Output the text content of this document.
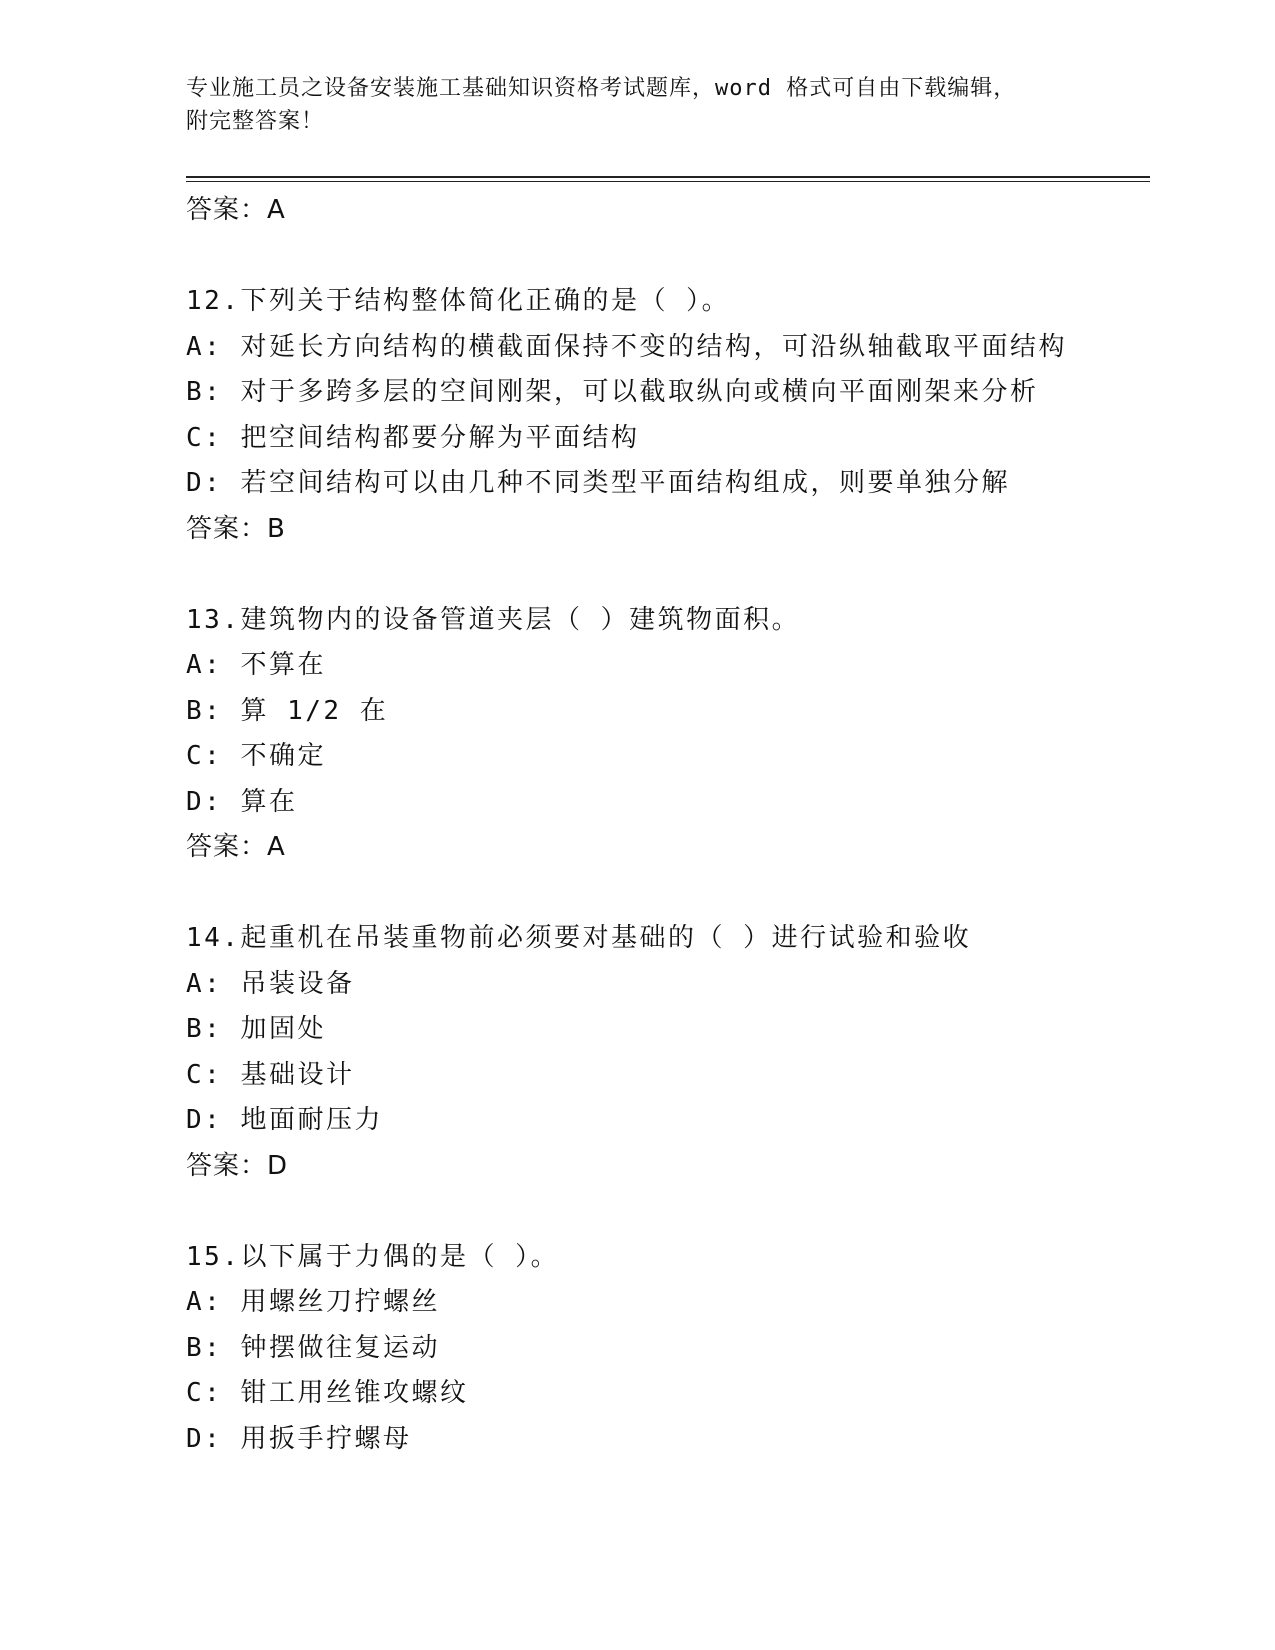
专业施工员之设备安装施工基础知识资格考试题库，word 格式可自由下载编辑，
附完整答案！
答案：A
12.下列关于结构整体简化正确的是（ ）。
A: 对延长方向结构的横截面保持不变的结构，可沿纵轴截取平面结构
B: 对于多跨多层的空间刚架，可以截取纵向或横向平面刚架来分析
C: 把空间结构都要分解为平面结构
D: 若空间结构可以由几种不同类型平面结构组成，则要单独分解
答案：B
13.建筑物内的设备管道夹层（ ）建筑物面积。
A: 不算在
B: 算 1/2 在
C: 不确定
D: 算在
答案：A
14.起重机在吊装重物前必须要对基础的（ ）进行试验和验收
A: 吊装设备
B: 加固处
C: 基础设计
D: 地面耐压力
答案：D
15.以下属于力偶的是（ ）。
A: 用螺丝刀拧螺丝
B: 钟摆做往复运动
C: 钳工用丝锥攻螺纹
D: 用扳手拧螺母
